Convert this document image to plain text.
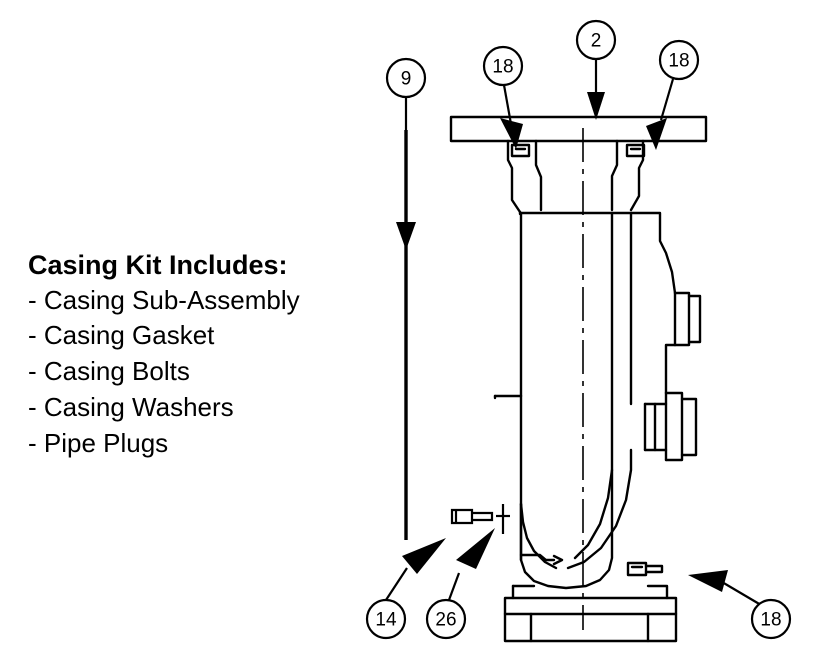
Casing Kit Includes:
- Casing Sub-Assembly
- Casing Gasket
- Casing Bolts
- Casing Washers
- Pipe Plugs
9
18
2
18
14 26	18
